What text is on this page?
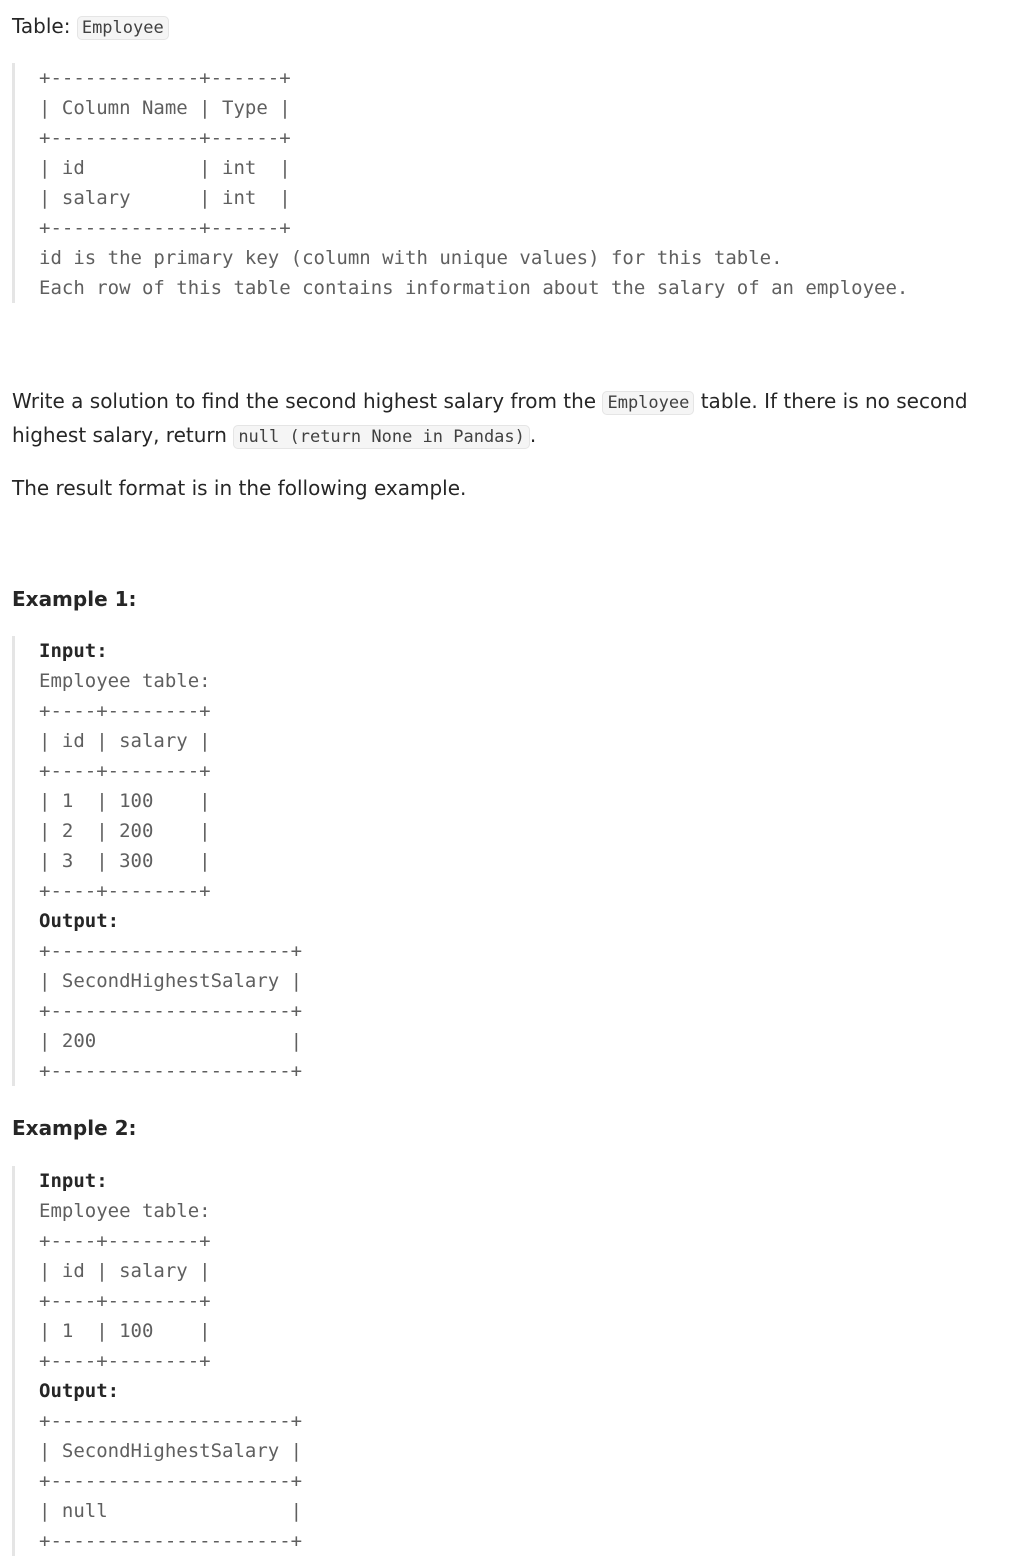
Table: Employee
+-------------+------+
| Column Name | Type |
+-------------+------+
| id          | int  |
| salary      | int  |
+-------------+------+
id is the primary key (column with unique values) for this table.
Each row of this table contains information about the salary of an employee.
Write a solution to find the second highest salary from the Employee table. If there is no second highest salary, return null (return None in Pandas) .
The result format is in the following example.
Example 1:
Input:
Employee table:
+----+--------+
| id | salary |
+----+--------+
| 1  | 100    |
| 2  | 200    |
| 3  | 300    |
+----+--------+
Output:
+---------------------+
| SecondHighestSalary |
+---------------------+
| 200                 |
+---------------------+
Example 2:
Input:
Employee table:
+----+--------+
| id | salary |
+----+--------+
| 1  | 100    |
+----+--------+
Output:
+---------------------+
| SecondHighestSalary |
+---------------------+
| null                |
+---------------------+
